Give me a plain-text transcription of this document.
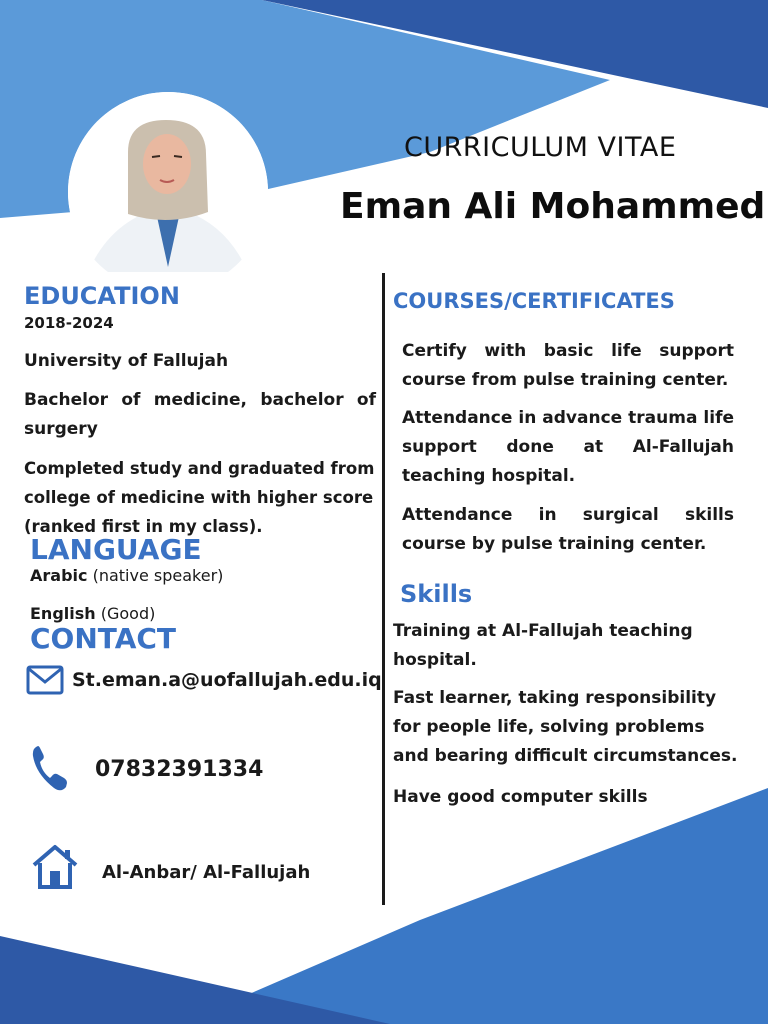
CURRICULUM VITAE
Eman Ali Mohammed
EDUCATION
2018-2024
University of Fallujah
Bachelor of medicine, bachelor of surgery
Completed study and graduated from college of medicine with higher score (ranked first in my class).
LANGUAGE
Arabic (native speaker)
English (Good)
CONTACT
St.eman.a@uofallujah.edu.iq
07832391334
Al-Anbar/ Al-Fallujah
COURSES/CERTIFICATES
Certify with basic life support course from pulse training center.
Attendance in advance trauma life support done at Al-Fallujah teaching hospital.
Attendance in surgical skills course by pulse training center.
Skills
Training at Al-Fallujah teaching hospital.
Fast learner, taking responsibility for people life, solving problems and bearing difficult circumstances.
Have good computer skills
